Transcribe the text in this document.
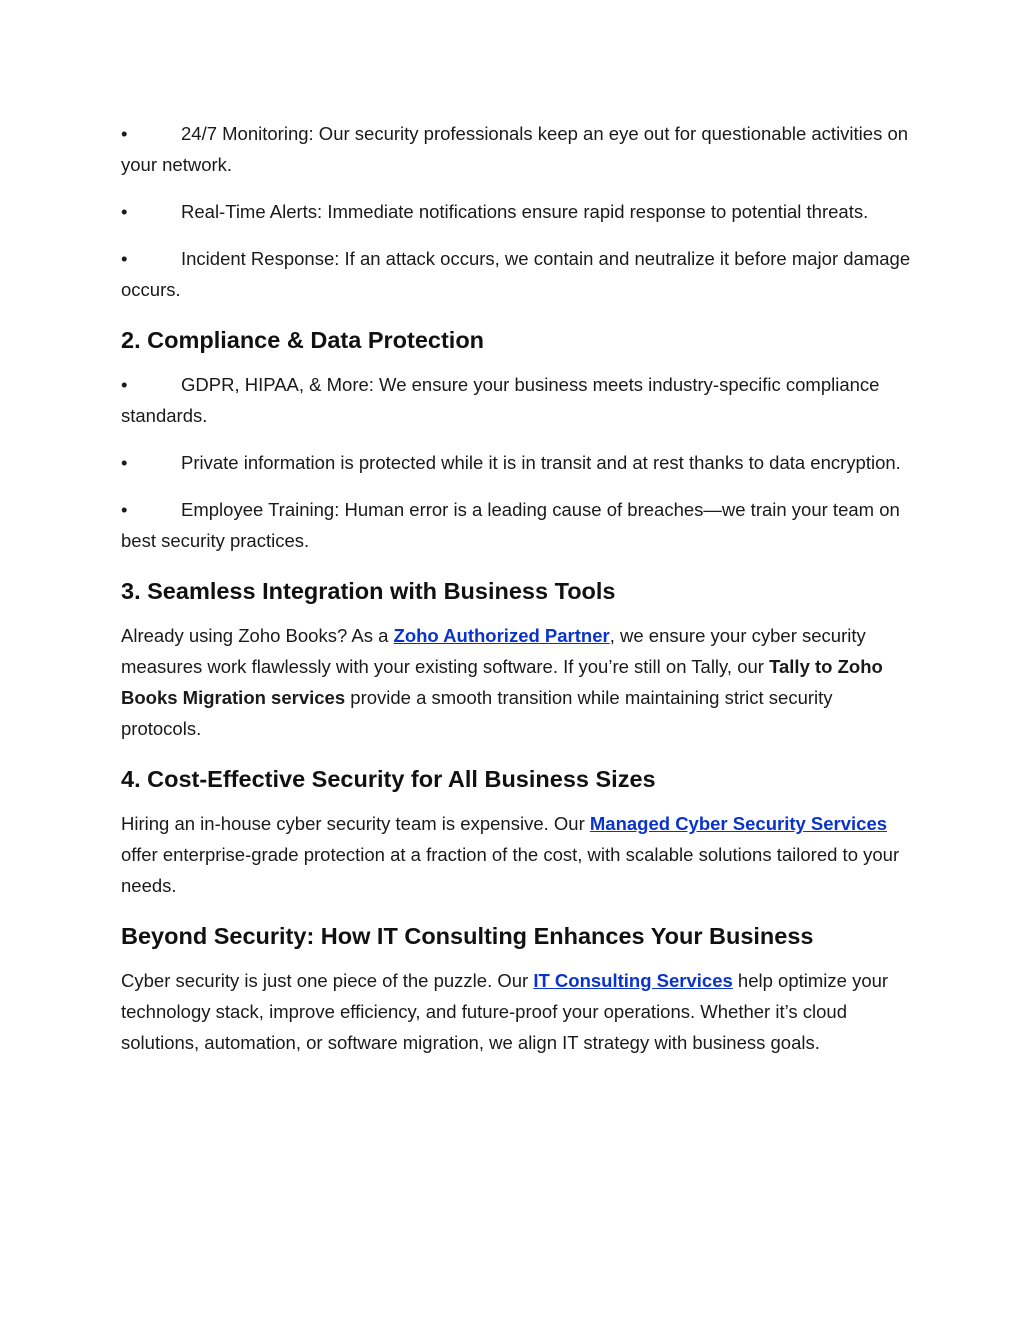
•	24/7 Monitoring: Our security professionals keep an eye out for questionable activities on your network.

•	Real-Time Alerts: Immediate notifications ensure rapid response to potential threats.

•	Incident Response: If an attack occurs, we contain and neutralize it before major damage occurs.

2. Compliance & Data Protection

•	GDPR, HIPAA, & More: We ensure your business meets industry-specific compliance standards.

•	Private information is protected while it is in transit and at rest thanks to data encryption.

•	Employee Training: Human error is a leading cause of breaches—we train your team on best security practices.

3. Seamless Integration with Business Tools

Already using Zoho Books? As a Zoho Authorized Partner, we ensure your cyber security measures work flawlessly with your existing software. If you’re still on Tally, our Tally to Zoho Books Migration services provide a smooth transition while maintaining strict security protocols.

4. Cost-Effective Security for All Business Sizes

Hiring an in-house cyber security team is expensive. Our Managed Cyber Security Services offer enterprise-grade protection at a fraction of the cost, with scalable solutions tailored to your needs.

Beyond Security: How IT Consulting Enhances Your Business

Cyber security is just one piece of the puzzle. Our IT Consulting Services help optimize your technology stack, improve efficiency, and future-proof your operations. Whether it’s cloud solutions, automation, or software migration, we align IT strategy with business goals.
